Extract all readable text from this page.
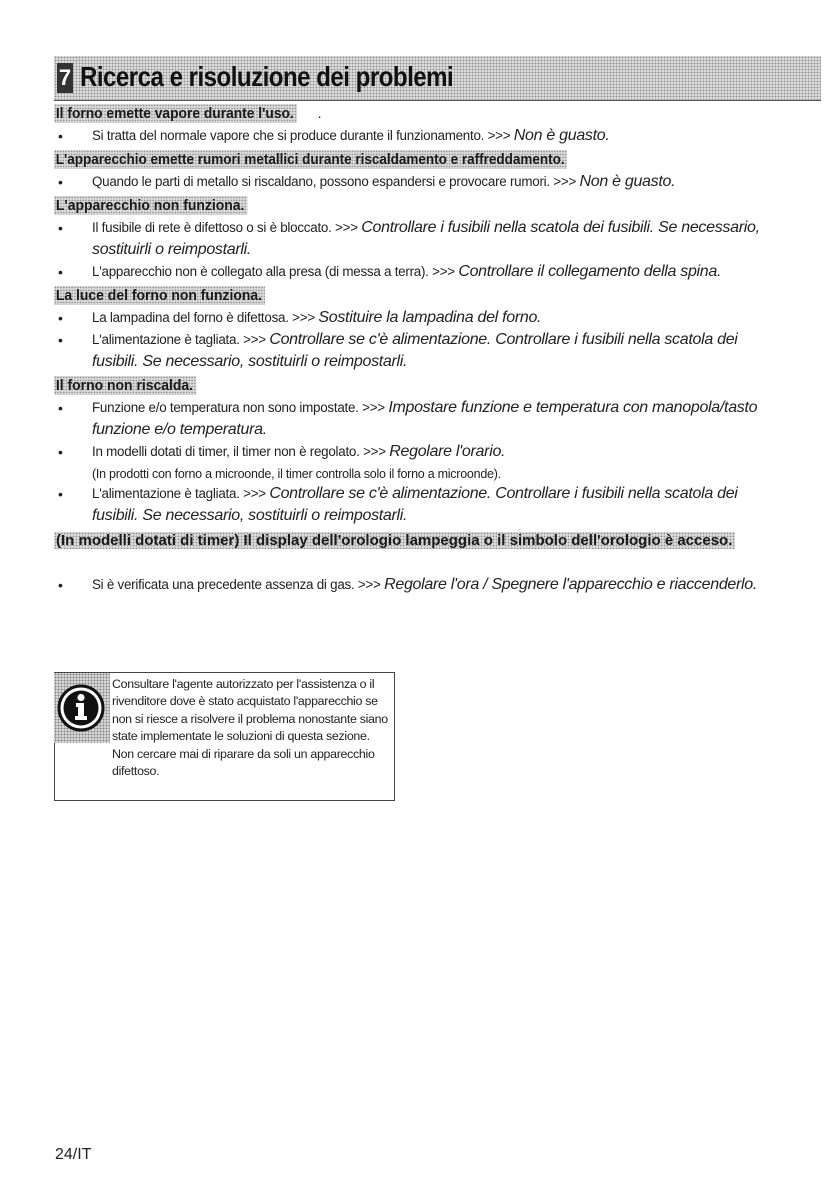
7 Ricerca e risoluzione dei problemi
Il forno emette vapore durante l'uso. .
• Si tratta del normale vapore che si produce durante il funzionamento. >>> Non è guasto.
L'apparecchio emette rumori metallici durante riscaldamento e raffreddamento.
• Quando le parti di metallo si riscaldano, possono espandersi e provocare rumori. >>> Non è guasto.
L'apparecchio non funziona.
• Il fusibile di rete è difettoso o si è bloccato. >>> Controllare i fusibili nella scatola dei fusibili. Se necessario, sostituirli o reimpostarli.
• L'apparecchio non è collegato alla presa (di messa a terra). >>> Controllare il collegamento della spina.
La luce del forno non funziona.
• La lampadina del forno è difettosa. >>> Sostituire la lampadina del forno.
• L'alimentazione è tagliata. >>> Controllare se c'è alimentazione. Controllare i fusibili nella scatola dei fusibili. Se necessario, sostituirli o reimpostarli.
Il forno non riscalda.
• Funzione e/o temperatura non sono impostate. >>> Impostare funzione e temperatura con manopola/tasto funzione e/o temperatura.
• In modelli dotati di timer, il timer non è regolato. >>> Regolare l'orario.
(In prodotti con forno a microonde, il timer controlla solo il forno a microonde).
• L'alimentazione è tagliata. >>> Controllare se c'è alimentazione. Controllare i fusibili nella scatola dei fusibili. Se necessario, sostituirli o reimpostarli.
(In modelli dotati di timer) Il display dell'orologio lampeggia o il simbolo dell'orologio è acceso.
• Si è verificata una precedente assenza di gas. >>> Regolare l'ora / Spegnere l'apparecchio e riaccenderlo.
Consultare l'agente autorizzato per l'assistenza o il rivenditore dove è stato acquistato l'apparecchio se non si riesce a risolvere il problema nonostante siano state implementate le soluzioni di questa sezione. Non cercare mai di riparare da soli un apparecchio difettoso.
24/IT
